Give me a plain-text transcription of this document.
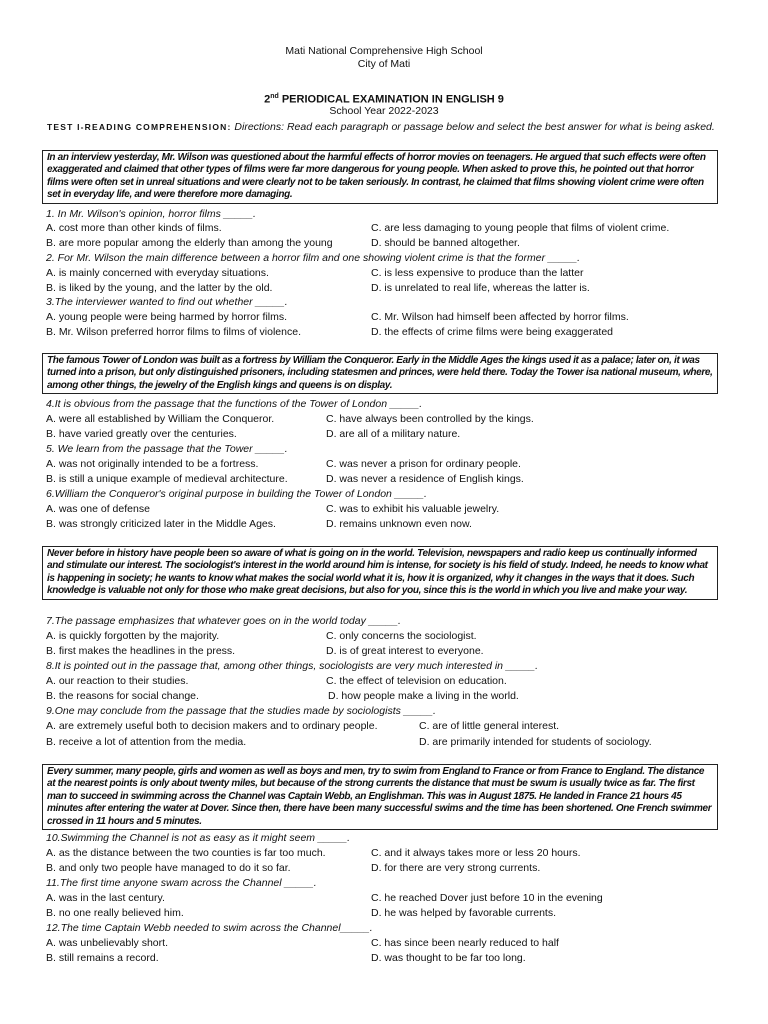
Mati National Comprehensive High School
City of Mati
2nd PERIODICAL EXAMINATION IN ENGLISH 9
School Year 2022-2023
TEST I-READING COMPREHENSION: Directions: Read each paragraph or passage below and select the best answer for what is being asked.
In an interview yesterday, Mr. Wilson was questioned about the harmful effects of horror movies on teenagers. He argued that such effects were often exaggerated and claimed that other types of films were far more dangerous for young people. When asked to prove this, he pointed out that horror films were often set in unreal situations and were clearly not to be taken seriously. In contrast, he claimed that films showing violent crime were often set in everyday life, and were therefore more damaging.
1. In Mr. Wilson's opinion, horror films _____.
A. cost more than other kinds of films.	C. are less damaging to young people that films of violent crime.
B. are more popular among the elderly than among the young	D. should be banned altogether.
2. For Mr. Wilson the main difference between a horror film and one showing violent crime is that the former _____.
A. is mainly concerned with everyday situations.	C. is less expensive to produce than the latter
B. is liked by the young, and the latter by the old.	D. is unrelated to real life, whereas the latter is.
3.The interviewer wanted to find out whether _____.
A. young people were being harmed by horror films.	C. Mr. Wilson had himself been affected by horror films.
B. Mr. Wilson preferred horror films to films of violence.	D. the effects of crime films were being exaggerated
The famous Tower of London was built as a fortress by William the Conqueror. Early in the Middle Ages the kings used it as a palace; later on, it was turned into a prison, but only distinguished prisoners, including statesmen and princes, were held there. Today the Tower isa national museum, where, among other things, the jewelry of the English kings and queens is on display.
4.It is obvious from the passage that the functions of the Tower of London _____.
A. were all established by William the Conqueror.	C. have always been controlled by the kings.
B. have varied greatly over the centuries.	D. are all of a military nature.
5. We learn from the passage that the Tower _____.
A. was not originally intended to be a fortress.	C. was never a prison for ordinary people.
B. is still a unique example of medieval architecture.	D. was never a residence of English kings.
6.William the Conqueror's original purpose in building the Tower of London _____.
A. was one of defense	C. was to exhibit his valuable jewelry.
B. was strongly criticized later in the Middle Ages.	D. remains unknown even now.
Never before in history have people been so aware of what is going on in the world. Television, newspapers and radio keep us continually informed and stimulate our interest. The sociologist's interest in the world around him is intense, for society is his field of study. Indeed, he needs to know what is happening in society; he wants to know what makes the social world what it is, how it is organized, why it changes in the ways that it does. Such knowledge is valuable not only for those who make great decisions, but also for you, since this is the world in which you live and make your way.
7.The passage emphasizes that whatever goes on in the world today _____.
A. is quickly forgotten by the majority.	C. only concerns the sociologist.
B. first makes the headlines in the press.	D. is of great interest to everyone.
8.It is pointed out in the passage that, among other things, sociologists are very much interested in _____.
A. our reaction to their studies.	C. the effect of television on education.
B. the reasons for social change.	D. how people make a living in the world.
9.One may conclude from the passage that the studies made by sociologists _____.
A. are extremely useful both to decision makers and to ordinary people.	C. are of little general interest.
B. receive a lot of attention from the media.	D. are primarily intended for students of sociology.
Every summer, many people, girls and women as well as boys and men, try to swim from England to France or from France to England. The distance at the nearest points is only about twenty miles, but because of the strong currents the distance that must be swum is usually twice as far. The first man to succeed in swimming across the Channel was Captain Webb, an Englishman. This was in August 1875. He landed in France 21 hours 45 minutes after entering the water at Dover. Since then, there have been many successful swims and the time has been shortened. One French swimmer crossed in 11 hours and 5 minutes.
10.Swimming the Channel is not as easy as it might seem _____.
A. as the distance between the two counties is far too much.	C. and it always takes more or less 20 hours.
B. and only two people have managed to do it so far.	D. for there are very strong currents.
11.The first time anyone swam across the Channel _____.
A. was in the last century.	C. he reached Dover just before 10 in the evening
B. no one really believed him.	D. he was helped by favorable currents.
12.The time Captain Webb needed to swim across the Channel_____.
A. was unbelievably short.	C. has since been nearly reduced to half
B. still remains a record.	D. was thought to be far too long.
